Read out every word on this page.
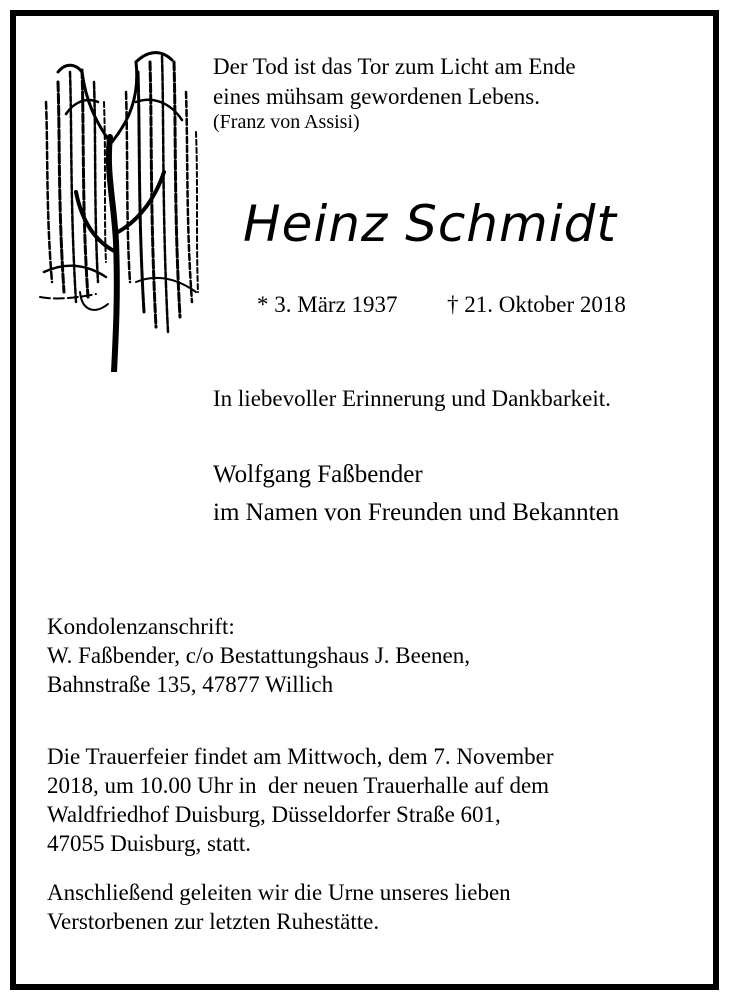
Der Tod ist das Tor zum Licht am Ende

eines mühsam gewordenen Lebens.

(Franz von Assisi)

Heinz Schmidt

* 3. März 1937 † 21. Oktober 2018

In liebevoller Erinnerung und Dankbarkeit.

Wolfgang Faßbender

im Namen von Freunden und Bekannten

Kondolenzanschrift:

W. Faßbender, c/o Bestattungshaus J. Beenen,

Bahnstraße 135, 47877 Willich

Die Trauerfeier findet am Mittwoch, dem 7. November

2018, um 10.00 Uhr in  der neuen Trauerhalle auf dem

Waldfriedhof Duisburg, Düsseldorfer Straße 601,

47055 Duisburg, statt.

Anschließend geleiten wir die Urne unseres lieben

Verstorbenen zur letzten Ruhestätte.
